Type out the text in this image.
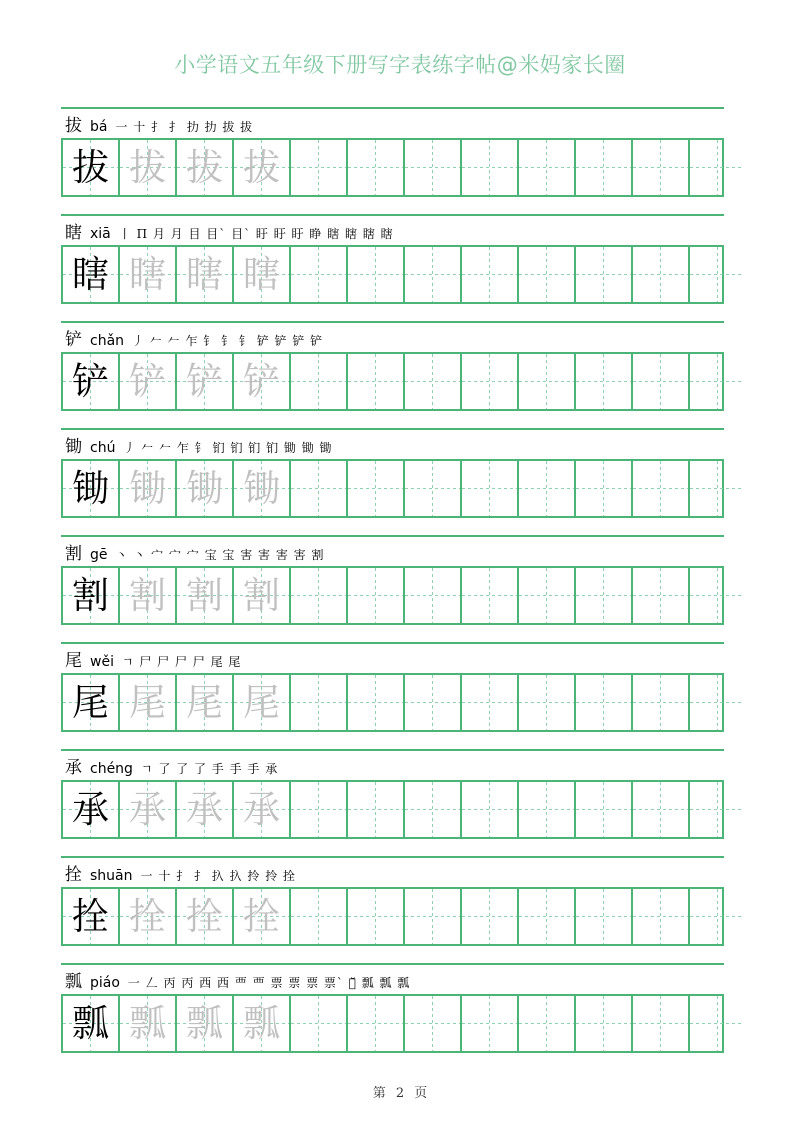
小学语文五年级下册写字表练字帖@米妈家长圈
拔 bá 一 十 扌 扌 扐 扐 拔 拔
拔 拔 拔 拔
瞎 xiā 丨 П 月 月 目 目` 目` 盱 盱 盱 睁 瞎 瞎 瞎 瞎
瞎 瞎 瞎 瞎
铲 chǎn 丿 𠂉 𠂉 乍 钅 钅 钅 铲 铲 铲 铲
铲 铲 铲 铲
锄 chú 丿 𠂉 𠂉 乍 钅 钔 钔 钔 钔 锄 锄 锄
锄 锄 锄 锄
割 gē 丶 丶 宀 宀 宀 宝 宝 害 害 害 害 割
割 割 割 割
尾 wěi ㄱ 尸 尸 尸 尸 尾 尾
尾 尾 尾 尾
承 chéng ㄱ 了 了 了 手 手 手 承
承 承 承 承
拴 shuān 一 十 扌 扌 扖 扖 拎 拎 拴
拴 拴 拴 拴
瓢 piáo 一 𠃋 丙 丙 西 西 覀 覀 票 票 票 票` 票̆ 瓢 瓢 瓢
瓢 瓢 瓢 瓢
第 2 页
